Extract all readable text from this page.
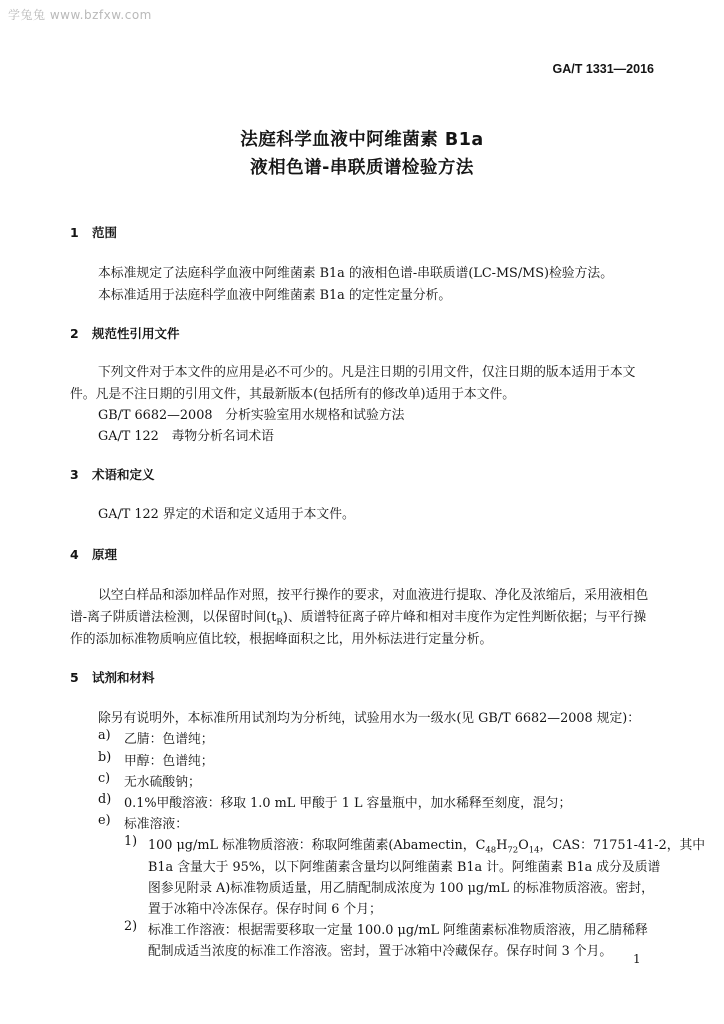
学兔兔 www.bzfxw.com
GA/T 1331—2016
法庭科学血液中阿维菌素 B1a
液相色谱-串联质谱检验方法
1 范围
本标准规定了法庭科学血液中阿维菌素 B1a 的液相色谱-串联质谱(LC-MS/MS)检验方法。
本标准适用于法庭科学血液中阿维菌素 B1a 的定性定量分析。
2 规范性引用文件
下列文件对于本文件的应用是必不可少的。凡是注日期的引用文件，仅注日期的版本适用于本文
件。凡是不注日期的引用文件，其最新版本(包括所有的修改单)适用于本文件。
GB/T 6682—2008　分析实验室用水规格和试验方法
GA/T 122　毒物分析名词术语
3 术语和定义
GA/T 122 界定的术语和定义适用于本文件。
4 原理
以空白样品和添加样品作对照，按平行操作的要求，对血液进行提取、净化及浓缩后，采用液相色
谱-离子阱质谱法检测，以保留时间$(t_R)$、质谱特征离子碎片峰和相对丰度作为定性判断依据；与平行操
作的添加标准物质响应值比较，根据峰面积之比，用外标法进行定量分析。
5 试剂和材料
除另有说明外，本标准所用试剂均为分析纯，试验用水为一级水(见 GB/T 6682—2008 规定)：
a) 乙腈：色谱纯；
b) 甲醇：色谱纯；
c) 无水硫酸钠；
d) 0.1%甲酸溶液：移取 1.0 mL 甲酸于 1 L 容量瓶中，加水稀释至刻度，混匀；
e) 标准溶液：
1) 100 μg/mL 标准物质溶液：称取阿维菌素(Abamectin，$C_{48}H_{72}O_{14}$，CAS：71751-41-2，其中
B1a 含量大于 95%，以下阿维菌素含量均以阿维菌素 B1a 计。阿维菌素 B1a 成分及质谱
图参见附录 A)标准物质适量，用乙腈配制成浓度为 100 μg/mL 的标准物质溶液。密封，
置于冰箱中冷冻保存。保存时间 6 个月；
2) 标准工作溶液：根据需要移取一定量 100.0 μg/mL 阿维菌素标准物质溶液，用乙腈稀释
配制成适当浓度的标准工作溶液。密封，置于冰箱中冷藏保存。保存时间 3 个月。 1
